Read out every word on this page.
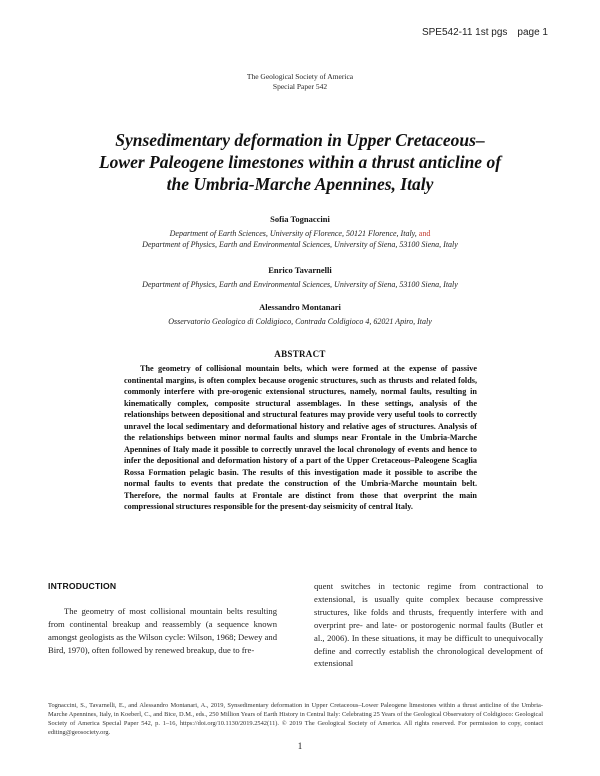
SPE542-11 1st pgs page 1
The Geological Society of America
Special Paper 542
Synsedimentary deformation in Upper Cretaceous–
Lower Paleogene limestones within a thrust anticline of
the Umbria-Marche Apennines, Italy
Sofia Tognaccini
Department of Earth Sciences, University of Florence, 50121 Florence, Italy, and
Department of Physics, Earth and Environmental Sciences, University of Siena, 53100 Siena, Italy
Enrico Tavarnelli
Department of Physics, Earth and Environmental Sciences, University of Siena, 53100 Siena, Italy
Alessandro Montanari
Osservatorio Geologico di Coldigioco, Contrada Coldigioco 4, 62021 Apiro, Italy
ABSTRACT

The geometry of collisional mountain belts, which were formed at the expense of passive continental margins, is often complex because orogenic structures, such as thrusts and related folds, commonly interfere with pre-orogenic extensional structures, namely, normal faults, resulting in kinematically complex, composite structural assemblages. In these settings, analysis of the relationships between depositional and structural features may provide very useful tools to correctly unravel the local sedimentary and deformational history and relative ages of structures. Analysis of the relationships between minor normal faults and slumps near Frontale in the Umbria-Marche Apennines of Italy made it possible to correctly unravel the local chronology of events and hence to infer the depositional and deformation history of a part of the Upper Cretaceous–Paleogene Scaglia Rossa Formation pelagic basin. The results of this investigation made it possible to ascribe the normal faults to events that predate the construction of the Umbria-Marche mountain belt. Therefore, the normal faults at Frontale are distinct from those that overprint the main compressional structures responsible for the present-day seismicity of central Italy.

INTRODUCTION

The geometry of most collisional mountain belts resulting from continental breakup and reassembly (a sequence known amongst geologists as the Wilson cycle: Wilson, 1968; Dewey and Bird, 1970), often followed by renewed breakup, due to fre-

quent switches in tectonic regime from contractional to extensional, is usually quite complex because compressive structures, like folds and thrusts, frequently interfere with and overprint pre- and late- or postorogenic normal faults (Butler et al., 2006). In these situations, it may be difficult to unequivocally define and correctly establish the chronological development of extensional

Tognaccini, S., Tavarnelli, E., and Alessandro Montanari, A., 2019, Synsedimentary deformation in Upper Cretaceous–Lower Paleogene limestones within a thrust anticline of the Umbria-Marche Apennines, Italy, in Koeberl, C., and Bice, D.M., eds., 250 Million Years of Earth History in Central Italy: Celebrating 25 Years of the Geological Observatory of Coldigioco: Geological Society of America Special Paper 542, p. 1–16, https://doi.org/10.1130/2019.2542(11). © 2019 The Geological Society of America. All rights reserved. For permission to copy, contact editing@geosociety.org.
1
